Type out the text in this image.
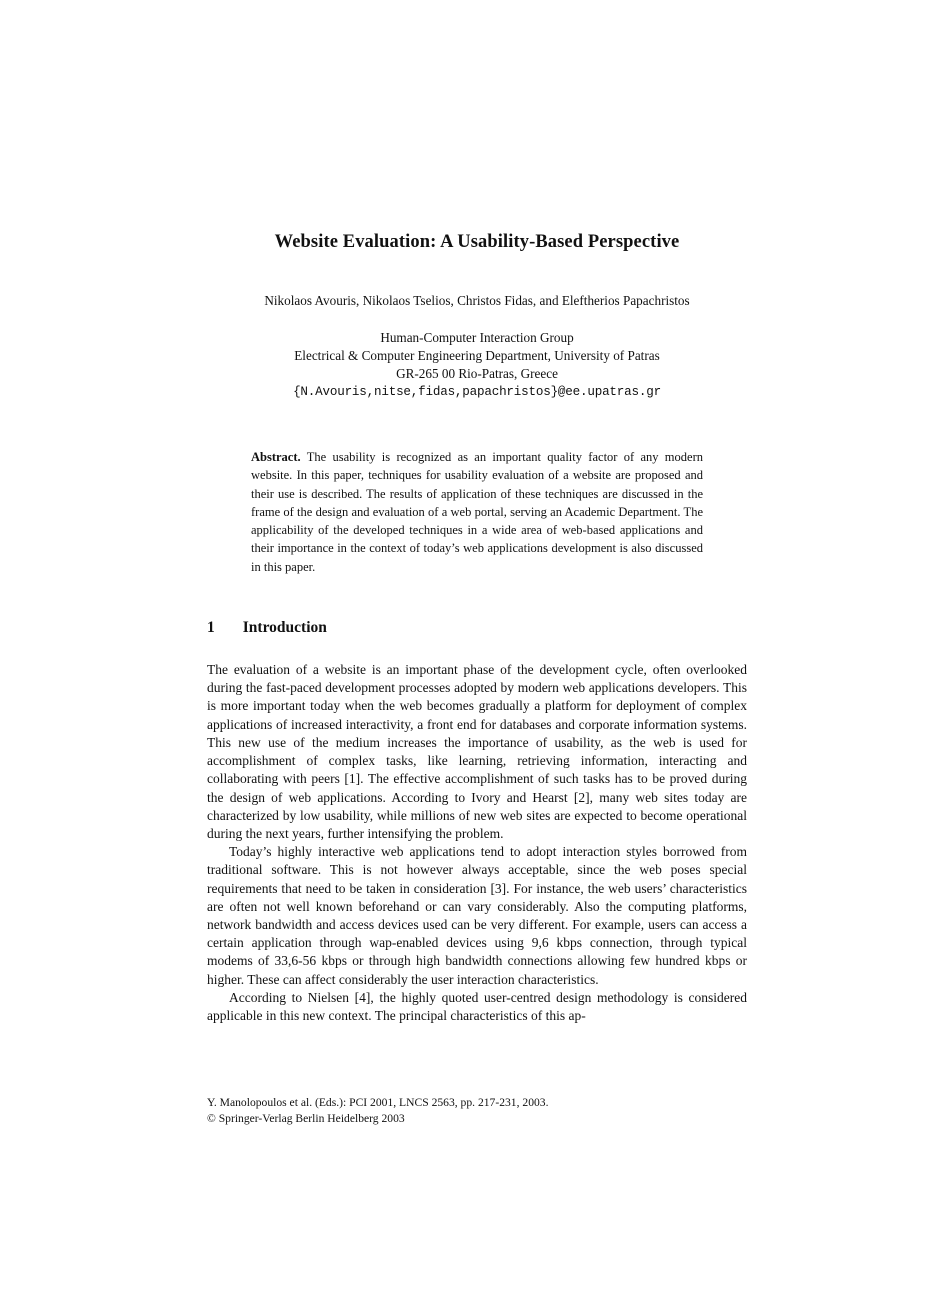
Website Evaluation: A Usability-Based Perspective
Nikolaos Avouris, Nikolaos Tselios, Christos Fidas, and Eleftherios Papachristos
Human-Computer Interaction Group
Electrical & Computer Engineering Department, University of Patras
GR-265 00 Rio-Patras, Greece
{N.Avouris,nitse,fidas,papachristos}@ee.upatras.gr
Abstract. The usability is recognized as an important quality factor of any modern website. In this paper, techniques for usability evaluation of a website are proposed and their use is described. The results of application of these techniques are discussed in the frame of the design and evaluation of a web portal, serving an Academic Department. The applicability of the developed techniques in a wide area of web-based applications and their importance in the context of today’s web applications development is also discussed in this paper.
1 Introduction

The evaluation of a website is an important phase of the development cycle, often overlooked during the fast-paced development processes adopted by modern web applications developers. This is more important today when the web becomes gradually a platform for deployment of complex applications of increased interactivity, a front end for databases and corporate information systems. This new use of the medium increases the importance of usability, as the web is used for accomplishment of complex tasks, like learning, retrieving information, interacting and collaborating with peers [1]. The effective accomplishment of such tasks has to be proved during the design of web applications. According to Ivory and Hearst [2], many web sites today are characterized by low usability, while millions of new web sites are expected to become operational during the next years, further intensifying the problem.

Today’s highly interactive web applications tend to adopt interaction styles borrowed from traditional software. This is not however always acceptable, since the web poses special requirements that need to be taken in consideration [3]. For instance, the web users’ characteristics are often not well known beforehand or can vary considerably. Also the computing platforms, network bandwidth and access devices used can be very different. For example, users can access a certain application through wap-enabled devices using 9,6 kbps connection, through typical modems of 33,6-56 kbps or through high bandwidth connections allowing few hundred kbps or higher. These can affect considerably the user interaction characteristics.

According to Nielsen [4], the highly quoted user-centred design methodology is considered applicable in this new context. The principal characteristics of this ap-

Y. Manolopoulos et al. (Eds.): PCI 2001, LNCS 2563, pp. 217-231, 2003.
© Springer-Verlag Berlin Heidelberg 2003
